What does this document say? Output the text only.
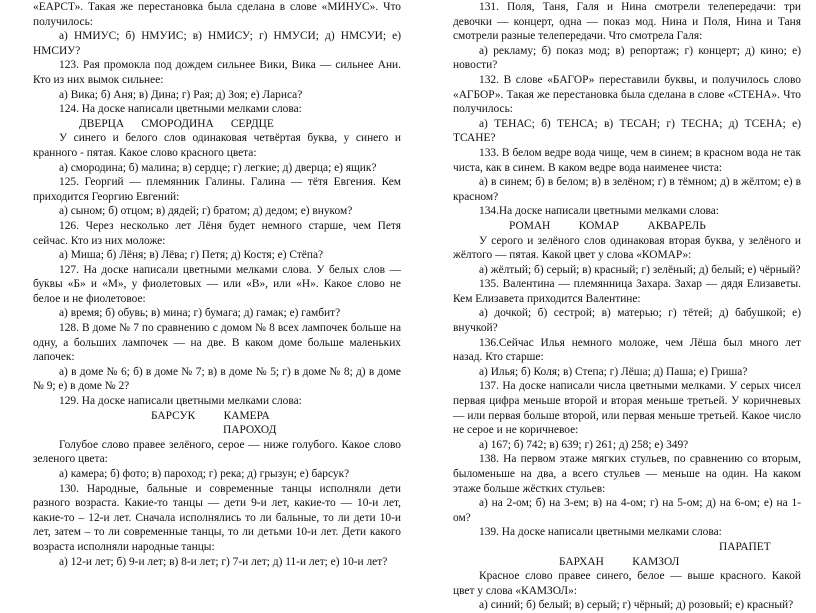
«ЕАРСТ». Такая же перестановка была сделана в слове «МИНУС». Что получилось:

а) НМИУС; б) НМУИС; в) НМИСУ; г) НМУСИ; д) НМСУИ; е) НМСИУ?

123. Рая промокла под дождем сильнее Вики, Вика — сильнее Ани. Кто из них вымок сильнее:

а) Вика; б) Аня; в) Дина; г) Рая; д) Зоя; е) Лариса?

124. На доске написали цветными мелками слова:

ДВЕРЦА      СМОРОДИНА      СЕРДЦЕ

У синего и белого слов одинаковая четвёртая буква, у синего и кранного - пятая. Какое слово красного цвета:

а) смородина; б) малина; в) сердце; г) легкие; д) дверца; е) ящик?

125. Георгий — племянник Галины. Галина — тётя Евгения. Кем приходится Георгию Евгений:

а) сыном; б) отцом; в) дядей; г) братом; д) дедом; е) внуком?

126. Через несколько лет Лёня будет немного старше, чем Петя сейчас. Кто из них моложе:

а) Миша; б) Лёня; в) Лёва; г) Петя; д) Костя; е) Стёпа?

127. На доске написали цветными мелками слова. У белых слов — буквы «Б» и «М», у фиолетовых — или «В», или «Н». Какое слово не белое и не фиолетовое:

а) время; б) обувь; в) мина; г) бумага; д) гамак; е) гамбит?

128. В доме № 7 по сравнению с домом № 8 всех лампочек больше на одну, а больших лампочек — на две. В каком доме больше маленьких лапочек:

а) в доме № 6; б) в доме № 7; в) в доме № 5; г) в доме № 8; д) в доме № 9; е) в доме № 2?

129. На доске написали цветными мелками слова:

БАРСУК          КАМЕРА

ПАРОХОД

Голубое слово правее зелёного, серое — ниже голубого. Какое слово зеленого цвета:

а) камера; б) фото; в) пароход; г) река; д) грызун; е) барсук?

130. Народные, бальные и современные танцы исполняли дети разного возраста. Какие-то танцы — дети 9-и лет, какие-то — 10-и лет, какие-то – 12-и лет. Сначала исполнялись то ли бальные, то ли дети 10-и лет, затем – то ли современные танцы, то ли детьми 10-и лет. Дети какого возраста исполняли народные танцы:

а) 12-и лет; б) 9-и лет; в) 8-и лет; г) 7-и лет; д) 11-и лет; е) 10-и лет?

131. Поля, Таня, Галя и Нина смотрели телепередачи: три девочки — концерт, одна — показ мод. Нина и Поля, Нина и Таня смотрели разные телепередачи. Что смотрела Галя:

а) рекламу; б) показ мод; в) репортаж; г) концерт; д) кино; е) новости?

132. В слове «БАГОР» переставили буквы, и получилось слово «АГБОР». Такая же перестановка была сделана в слове «СТЕНА». Что получилось:

а) ТЕНАС; б) ТЕНСА; в) ТЕСАН; г) ТЕСНА; д) ТСЕНА; е) ТСАНЕ?

133. В белом ведре вода чище, чем в синем; в красном вода не так чиста, как в синем. В каком ведре вода наименее чиста:

а) в синем; б) в белом; в) в зелёном; г) в тёмном; д) в жёлтом; е) в красном?

134.На доске написали цветными мелками слова:

РОМАН          КОМАР          АКВАРЕЛЬ

У серого и зелёного слов одинаковая вторая буква, у зелёного и жёлтого — пятая. Какой цвет у слова «КОМАР»:

а) жёлтый; б) серый; в) красный; г) зелёный; д) белый; е) чёрный?

135. Валентина — племянница Захара. Захар — дядя Елизаветы. Кем Елизавета приходится Валентине:

а) дочкой; б) сестрой; в) матерью; г) тётей; д) бабушкой; е) внучкой?

136.Сейчас Илья немного моложе, чем Лёша был много лет назад. Кто старше:

а) Илья; б) Коля; в) Степа; г) Лёша; д) Паша; е) Гриша?

137. На доске написали числа цветными мелками. У серых чисел первая цифра меньше второй и вторая меньше третьей. У коричневых — или первая больше второй, или первая меньше третьей. Какое число не серое и не коричневое:

а) 167; б) 742; в) 639; г) 261; д) 258; е) 349?

138. На первом этаже мягких стульев, по сравнению со вторым, быломеньше на два, а всего стульев — меньше на один. На каком этаже больше жёстких стульев:

а) на 2-ом; б) на 3-ем; в) на 4-ом; г) на 5-ом; д) на 6-ом; е) на 1-ом?

139. На доске написали цветными мелками слова:

ПАРАПЕТ

БАРХАН          КАМЗОЛ

Красное слово правее синего, белое — выше красного. Какой цвет у слова «КАМЗОЛ»:

а) синий; б) белый; в) серый; г) чёрный; д) розовый; е) красный?
